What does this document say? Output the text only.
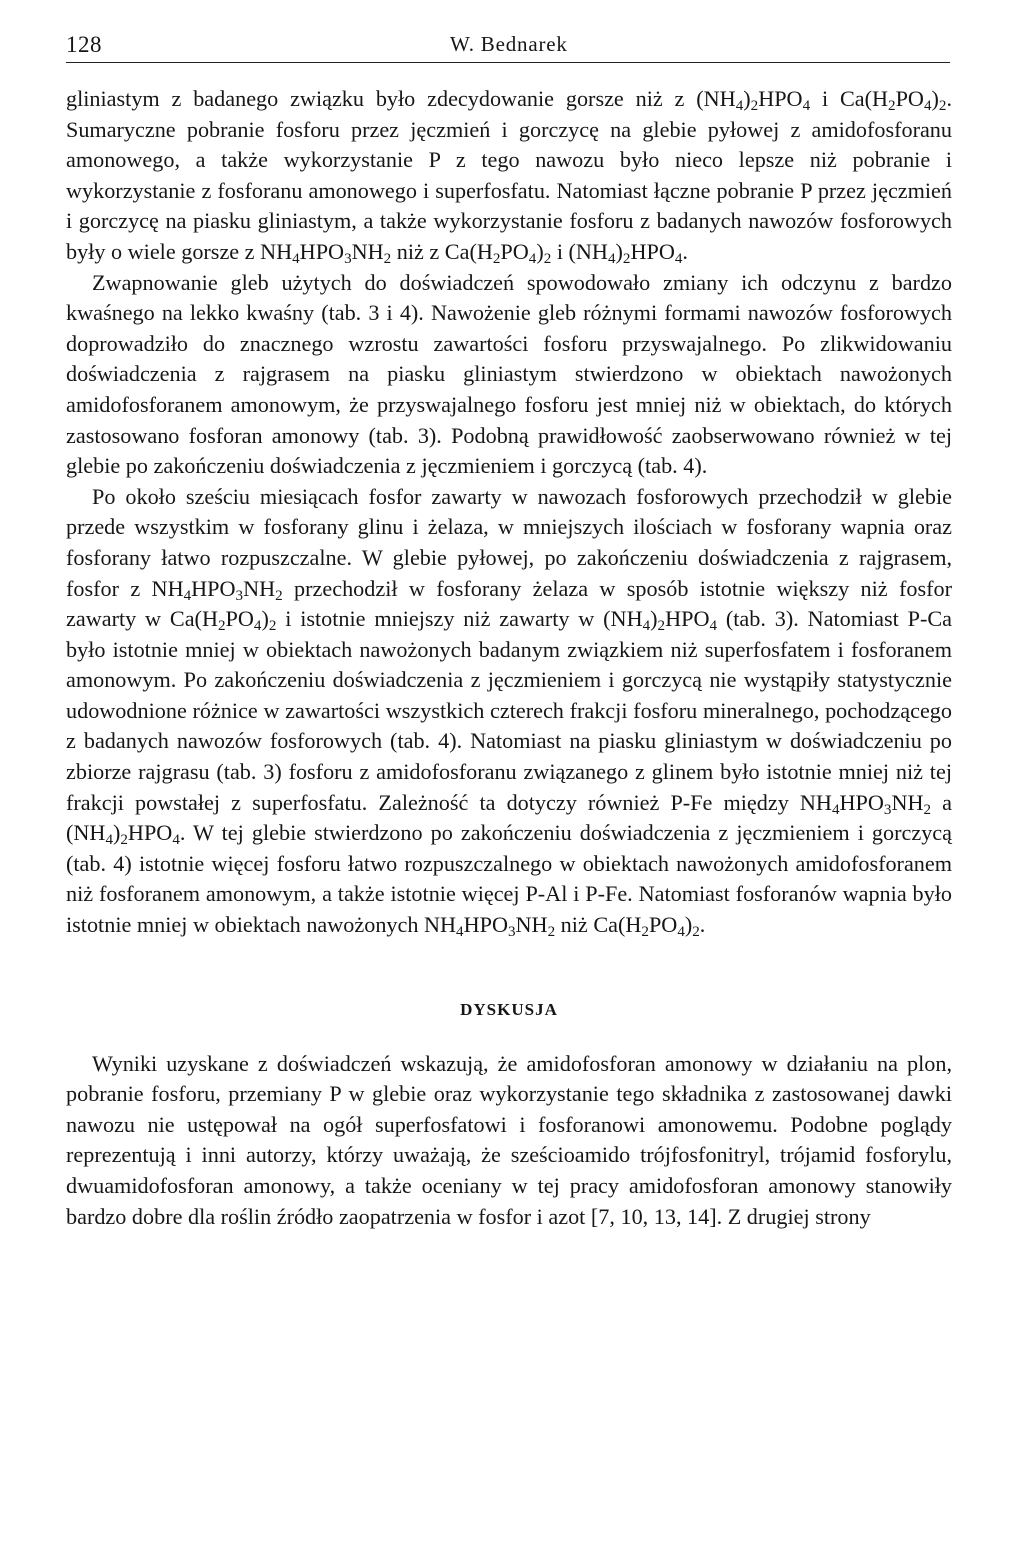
128	W. Bednarek

gliniastym z badanego związku było zdecydowanie gorsze niż z $(NH_4)_2HPO_4$ i $Ca(H_2PO_4)_2$. Sumaryczne pobranie fosforu przez jęczmień i gorczycę na glebie pyłowej z amidofosforanu amonowego, a także wykorzystanie P z tego nawozu było nieco lepsze niż pobranie i wykorzystanie z fosforanu amonowego i superfosfatu. Natomiast łączne pobranie P przez jęczmień i gorczycę na piasku gliniastym, a także wykorzystanie fosforu z badanych nawozów fosforowych były o wiele gorsze z $NH_4HPO_3NH_2$ niż z $Ca(H_2PO_4)_2$ i $(NH_4)_2HPO_4$.

Zwapnowanie gleb użytych do doświadczeń spowodowało zmiany ich odczynu z bardzo kwaśnego na lekko kwaśny (tab. 3 i 4). Nawożenie gleb różnymi formami nawozów fosforowych doprowadziło do znacznego wzrostu zawartości fosforu przyswajalnego. Po zlikwidowaniu doświadczenia z rajgrasem na piasku gliniastym stwierdzono w obiektach nawożonych amidofosforanem amonowym, że przyswajalnego fosforu jest mniej niż w obiektach, do których zastosowano fosforan amonowy (tab. 3). Podobną prawidłowość zaobserwowano również w tej glebie po zakończeniu doświadczenia z jęczmieniem i gorczycą (tab. 4).

Po około sześciu miesiącach fosfor zawarty w nawozach fosforowych przechodził w glebie przede wszystkim w fosforany glinu i żelaza, w mniejszych ilościach w fosforany wapnia oraz fosforany łatwo rozpuszczalne. W glebie pyłowej, po zakończeniu doświadczenia z rajgrasem, fosfor z $NH_4HPO_3NH_2$ przechodził w fosforany żelaza w sposób istotnie większy niż fosfor zawarty w $Ca(H_2PO_4)_2$ i istotnie mniejszy niż zawarty w $(NH_4)_2HPO_4$ (tab. 3). Natomiast P-Ca było istotnie mniej w obiektach nawożonych badanym związkiem niż superfosfatem i fosforanem amonowym. Po zakończeniu doświadczenia z jęczmieniem i gorczycą nie wystąpiły statystycznie udowodnione różnice w zawartości wszystkich czterech frakcji fosforu mineralnego, pochodzącego z badanych nawozów fosforowych (tab. 4). Natomiast na piasku gliniastym w doświadczeniu po zbiorze rajgrasu (tab. 3) fosforu z amidofosforanu związanego z glinem było istotnie mniej niż tej frakcji powstałej z superfosfatu. Zależność ta dotyczy również P-Fe między $NH_4HPO_3NH_2$ a $(NH_4)_2HPO_4$. W tej glebie stwierdzono po zakończeniu doświadczenia z jęczmieniem i gorczycą (tab. 4) istotnie więcej fosforu łatwo rozpuszczalnego w obiektach nawożonych amidofosforanem niż fosforanem amonowym, a także istotnie więcej P-Al i P-Fe. Natomiast fosforanów wapnia było istotnie mniej w obiektach nawożonych $NH_4HPO_3NH_2$ niż $Ca(H_2PO_4)_2$.

DYSKUSJA

Wyniki uzyskane z doświadczeń wskazują, że amidofosforan amonowy w działaniu na plon, pobranie fosforu, przemiany P w glebie oraz wykorzystanie tego składnika z zastosowanej dawki nawozu nie ustępował na ogół superfosfatowi i fosforanowi amonowemu. Podobne poglądy reprezentują i inni autorzy, którzy uważają, że sześcioamido trójfosfonitryl, trójamid fosforylu, dwuamidofosforan amonowy, a także oceniany w tej pracy amidofosforan amonowy stanowiły bardzo dobre dla roślin źródło zaopatrzenia w fosfor i azot [7, 10, 13, 14]. Z drugiej strony
